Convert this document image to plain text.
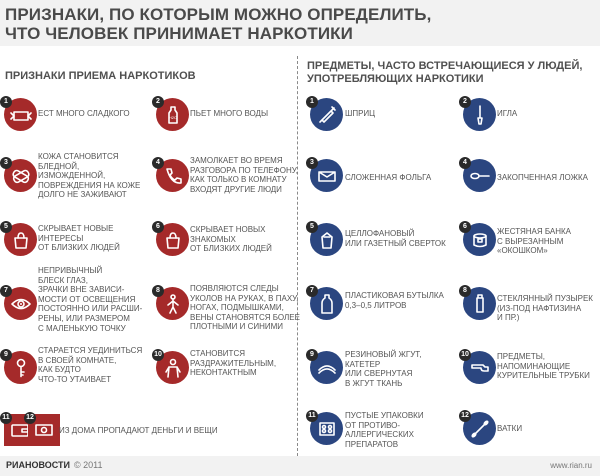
ПРИЗНАКИ, ПО КОТОРЫМ МОЖНО ОПРЕДЕЛИТЬ,
ЧТО ЧЕЛОВЕК ПРИНИМАЕТ НАРКОТИКИ
ПРИЗНАКИ ПРИЕМА НАРКОТИКОВ
ПРЕДМЕТЫ, ЧАСТО ВСТРЕЧАЮЩИЕСЯ У ЛЮДЕЙ,
УПОТРЕБЛЯЮЩИХ НАРКОТИКИ
1
ЕСТ МНОГО СЛАДКОГО	H2O
2
ПЬЕТ МНОГО ВОДЫ
3
КОЖА СТАНОВИТСЯ
БЛЕДНОЙ,
ИЗМОЖДЕННОЙ,
ПОВРЕЖДЕНИЯ НА КОЖЕ
ДОЛГО НЕ ЗАЖИВАЮТ
4	ЗАМОЛКАЕТ ВО ВРЕМЯ
РАЗГОВОРА ПО ТЕЛЕФОНУ,
КАК ТОЛЬКО В КОМНАТУ
ВХОДЯТ ДРУГИЕ ЛЮДИ
5	СКРЫВАЕТ НОВЫЕ
ИНТЕРЕСЫ
ОТ БЛИЗКИХ ЛЮДЕЙ
6	СКРЫВАЕТ НОВЫХ
ЗНАКОМЫХ
ОТ БЛИЗКИХ ЛЮДЕЙ
7
НЕПРИВЫЧНЫЙ
БЛЕСК ГЛАЗ,
ЗРАЧКИ ВНЕ ЗАВИСИ-
МОСТИ ОТ ОСВЕЩЕНИЯ
ПОСТОЯННО ИЛИ РАСШИ-
РЕНЫ, ИЛИ РАЗМЕРОМ
С МАЛЕНЬКУЮ ТОЧКУ
8	ПОЯВЛЯЮТСЯ СЛЕДЫ
УКОЛОВ НА РУКАХ, В ПАХУ,
НОГАХ, ПОДМЫШКАМИ,
ВЕНЫ СТАНОВЯТСЯ БОЛЕЕ
ПЛОТНЫМИ И СИНИМИ
9	СТАРАЕТСЯ УЕДИНИТЬСЯ
В СВОЕЙ КОМНАТЕ,
КАК БУДТО
ЧТО-ТО УТАИВАЕТ
10	СТАНОВИТСЯ
РАЗДРАЖИТЕЛЬНЫМ,
НЕКОНТАКТНЫМ
11	12
ИЗ ДОМА ПРОПАДАЮТ ДЕНЬГИ И ВЕЩИ
1
ШПРИЦ
2
ИГЛА
3
СЛОЖЕННАЯ ФОЛЬГА
4
ЗАКОПЧЕННАЯ ЛОЖКА
5
ЦЕЛЛОФАНОВЫЙ
ИЛИ ГАЗЕТНЫЙ СВЕРТОК
6
ЖЕСТЯНАЯ БАНКА
С ВЫРЕЗАННЫМ
«ОКОШКОМ»
7
ПЛАСТИКОВАЯ БУТЫЛКА
0,3–0,5 ЛИТРОВ
8
СТЕКЛЯННЫЙ ПУЗЫРЕК
(ИЗ-ПОД НАФТИЗИНА
И ПР.)
9	РЕЗИНОВЫЙ ЖГУТ,
КАТЕТЕР
ИЛИ СВЕРНУТАЯ
В ЖГУТ ТКАНЬ
10	ПРЕДМЕТЫ,
НАПОМИНАЮЩИЕ
КУРИТЕЛЬНЫЕ ТРУБКИ
11	ПУСТЫЕ УПАКОВКИ
ОТ ПРОТИВО-
АЛЛЕРГИЧЕСКИХ
ПРЕПАРАТОВ
12
ВАТКИ
РИАНОВОСТИ © 2011	www.rian.ru
